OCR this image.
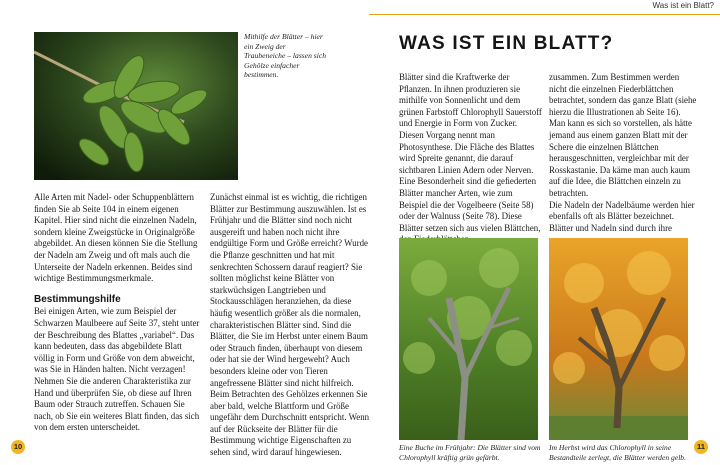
Was ist ein Blatt?
Mithilfe der Blätter – hier ein Zweig der Traubeneiche – lassen sich Gehölze einfacher bestimmen.

Alle Arten mit Nadel- oder Schuppenblättern ﬁnden Sie ab Seite 104 in einem eigenen Kapitel. Hier sind nicht die einzelnen Nadeln, sondern kleine Zweigstücke in Originalgröße abgebildet. An diesen können Sie die Stellung der Nadeln am Zweig und oft mals auch die Unterseite der Nadeln erkennen. Beides sind wichtige Bestimmungsmerkmale.

Bestimmungshilfe

Bei einigen Arten, wie zum Beispiel der Schwarzen Maulbeere auf Seite 37, steht unter der Beschreibung des Blattes „variabel“. Das kann bedeuten, dass das abgebildete Blatt völlig in Form und Größe von dem abweicht, was Sie in Händen halten. Nicht verzagen! Nehmen Sie die anderen Charakteristika zur Hand und überprüfen Sie, ob diese auf Ihren Baum oder Strauch zutreffen. Schauen Sie nach, ob Sie ein weiteres Blatt ﬁnden, das sich von dem ersten unterscheidet.

Zunächst einmal ist es wichtig, die richtigen Blätter zur Bestimmung auszuwählen. Ist es Frühjahr und die Blätter sind noch nicht ausgereift und haben noch nicht ihre endgültige Form und Größe erreicht? Wurde die Pﬂanze geschnitten und hat mit senkrechten Schossern darauf reagiert? Sie sollten möglichst keine Blätter von starkwüchsigen Langtrieben und Stockausschlägen heranziehen, da diese häuﬁg wesentlich größer als die normalen, charakteristischen Blätter sind. Sind die Blätter, die Sie im Herbst unter einem Baum oder Strauch ﬁnden, überhaupt von diesem oder hat sie der Wind hergeweht? Auch besonders kleine oder von Tieren angefressene Blätter sind nicht hilfreich. Beim Betrachten des Gehölzes erkennen Sie aber bald, welche Blattform und Größe ungefähr dem Durchschnitt entspricht. Wenn auf der Rückseite der Blätter für die Bestimmung wichtige Eigenschaften zu sehen sind, wird darauf hingewiesen.

10
WAS IST EIN BLATT?

Blätter sind die Kraftwerke der Pﬂanzen. In ihnen produzieren sie mithilfe von Sonnenlicht und dem grünen Farbstoff Chlorophyll Sauerstoff und Energie in Form von Zucker. Diesen Vorgang nennt man Photosynthese. Die Fläche des Blattes wird Spreite genannt, die darauf sichtbaren Linien Adern oder Nerven. Eine Besonderheit sind die geﬁederten Blätter mancher Arten, wie zum Beispiel die der Vogelbeere (Seite 58) oder der Walnuss (Seite 78). Diese Blätter setzen sich aus vielen Blättchen,

zusammen. Zum Bestimmen werden nicht die einzelnen Fiederblättchen betrachtet, sondern das ganze Blatt (siehe hierzu die Illustrationen ab Seite 16). Man kann es sich so vorstellen, als hätte jemand aus einem ganzen Blatt mit der Schere die einzelnen Blättchen herausgeschnitten, vergleichbar mit der Rosskastanie. Da käme man auch kaum auf die Idee, die Blättchen einzeln zu betrachten.

Die Nadeln der Nadelbäume werden hier ebenfalls oft als Blätter bezeichnet. Blätter und Nadeln sind durch ihre

Eine Buche im Frühjahr: Die Blätter sind vom Chlorophyll kräftig grün gefärbt.
Im Herbst wird das Chlorophyll in seine Bestandteile zerlegt, die Blätter werden gelb.
11
